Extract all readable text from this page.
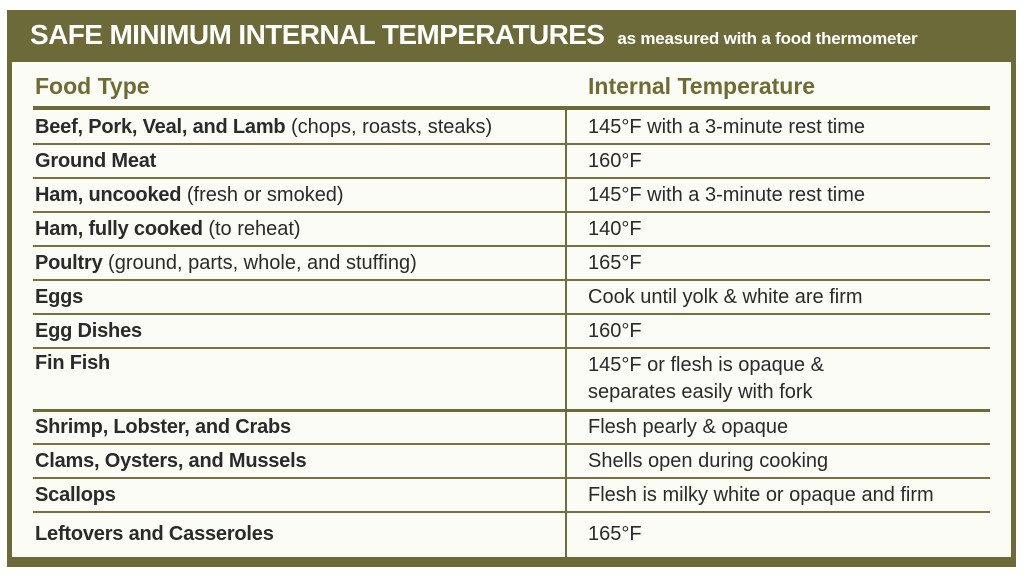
SAFE MINIMUM INTERNAL TEMPERATURES as measured with a food thermometer
Food Type	Internal Temperature
Beef, Pork, Veal, and Lamb (chops, roasts, steaks)	145°F with a 3-minute rest time
Ground Meat	160°F
Ham, uncooked (fresh or smoked)	145°F with a 3-minute rest time
Ham, fully cooked (to reheat)	140°F
Poultry (ground, parts, whole, and stuffing)	165°F
Eggs	Cook until yolk & white are firm
Egg Dishes	160°F
Fin Fish	145°F or flesh is opaque &
separates easily with fork
Shrimp, Lobster, and Crabs	Flesh pearly & opaque
Clams, Oysters, and Mussels	Shells open during cooking
Scallops	Flesh is milky white or opaque and firm
Leftovers and Casseroles	165°F
